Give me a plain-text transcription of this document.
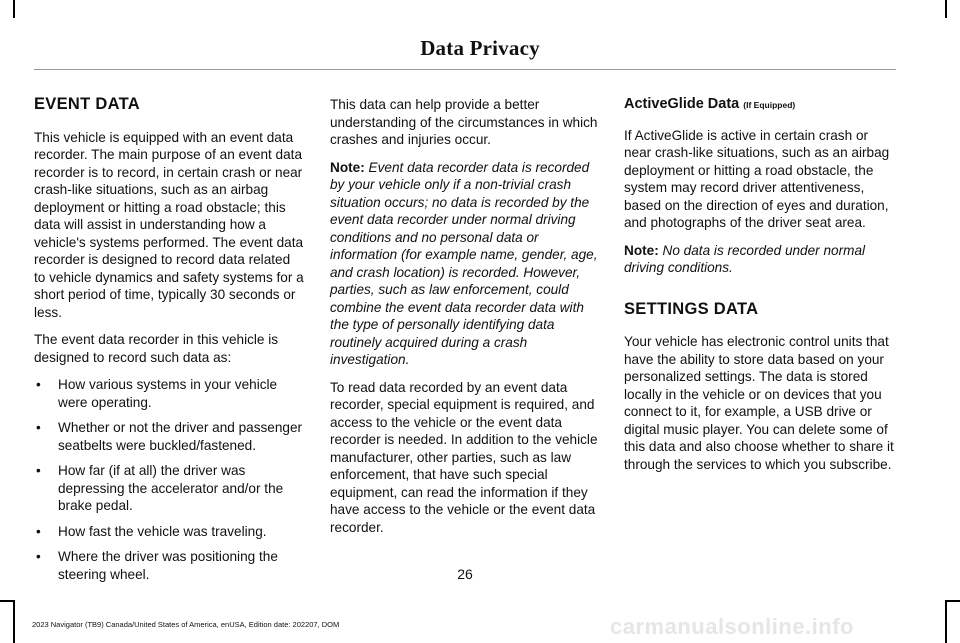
Data Privacy
EVENT DATA

This vehicle is equipped with an event data recorder. The main purpose of an event data recorder is to record, in certain crash or near crash-like situations, such as an airbag deployment or hitting a road obstacle; this data will assist in understanding how a vehicle's systems performed. The event data recorder is designed to record data related to vehicle dynamics and safety systems for a short period of time, typically 30 seconds or less.

The event data recorder in this vehicle is designed to record such data as:

• How various systems in your vehicle were operating.
• Whether or not the driver and passenger seatbelts were buckled/fastened.
• How far (if at all) the driver was depressing the accelerator and/or the brake pedal.
• How fast the vehicle was traveling.
• Where the driver was positioning the steering wheel.

This data can help provide a better understanding of the circumstances in which crashes and injuries occur.

Note: Event data recorder data is recorded by your vehicle only if a non-trivial crash situation occurs; no data is recorded by the event data recorder under normal driving conditions and no personal data or information (for example name, gender, age, and crash location) is recorded. However, parties, such as law enforcement, could combine the event data recorder data with the type of personally identifying data routinely acquired during a crash investigation.

To read data recorded by an event data recorder, special equipment is required, and access to the vehicle or the event data recorder is needed. In addition to the vehicle manufacturer, other parties, such as law enforcement, that have such special equipment, can read the information if they have access to the vehicle or the event data recorder.

ActiveGlide Data (If Equipped)

If ActiveGlide is active in certain crash or near crash-like situations, such as an airbag deployment or hitting a road obstacle, the system may record driver attentiveness, based on the direction of eyes and duration, and photographs of the driver seat area.

Note: No data is recorded under normal driving conditions.

SETTINGS DATA

Your vehicle has electronic control units that have the ability to store data based on your personalized settings. The data is stored locally in the vehicle or on devices that you connect to it, for example, a USB drive or digital music player. You can delete some of this data and also choose whether to share it through the services to which you subscribe.

26
2023 Navigator (TB9) Canada/United States of America, enUSA, Edition date: 202207, DOM	carmanualsonline.info
